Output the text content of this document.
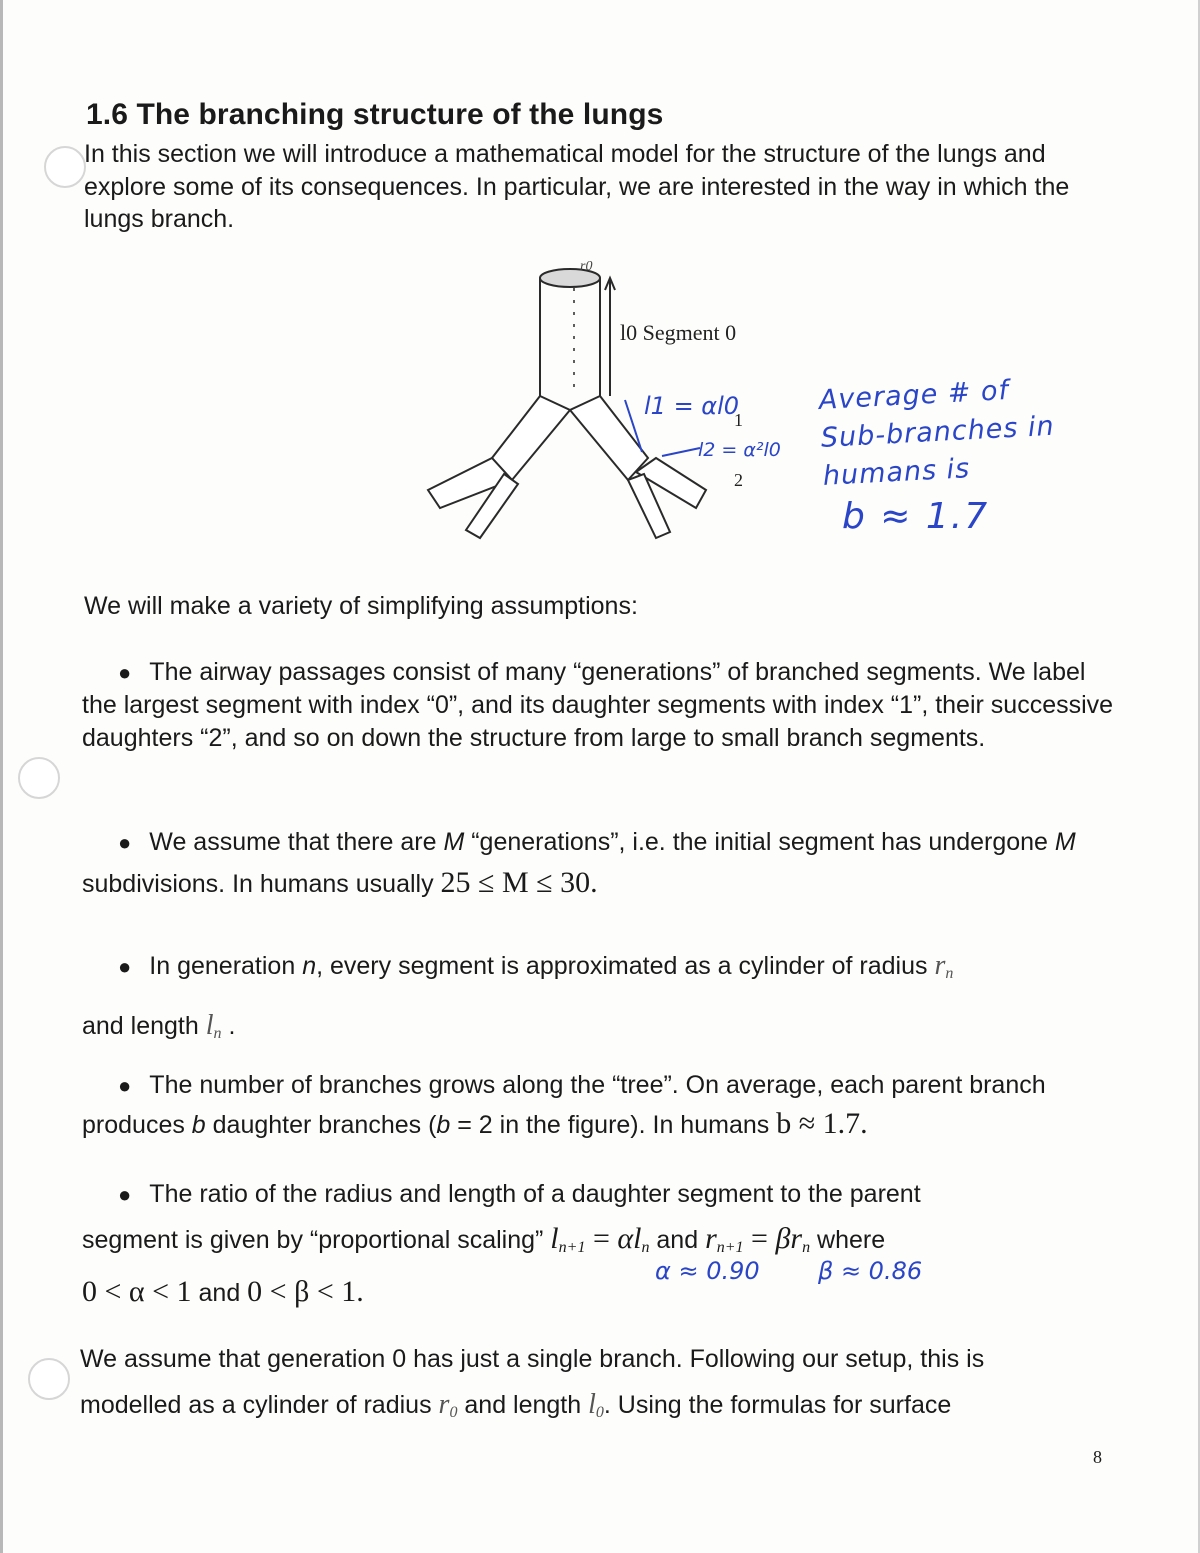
1.6 The branching structure of the lungs

In this section we will introduce a mathematical model for the structure of the lungs and explore some of its consequences. In particular, we are interested in the way in which the lungs branch.

r0
l0 Segment 0
1
2
l1 = αl0
l2 = α²l0
Average # of
Sub-branches in
humans is
b ≈ 1.7

We will make a variety of simplifying assumptions:

● The airway passages consist of many “generations” of branched segments. We label the largest segment with index “0”, and its daughter segments with index “1”, their successive daughters “2”, and so on down the structure from large to small branch segments.

● We assume that there are M “generations”, i.e. the initial segment has undergone M subdivisions. In humans usually 25 ≤ M ≤ 30.

● In generation n, every segment is approximated as a cylinder of radius $r_n$
and length $l_n$ .

● The number of branches grows along the “tree”. On average, each parent branch produces b daughter branches (b = 2 in the figure). In humans b ≈ 1.7.

● The ratio of the radius and length of a daughter segment to the parent
segment is given by “proportional scaling” $l_{n+1} = \alpha l_n$ and $r_{n+1} = \beta r_n$ where
0 < α < 1 and 0 < β < 1.

α ≈ 0.90 β ≈ 0.86

We assume that generation 0 has just a single branch. Following our setup, this is
modelled as a cylinder of radius $r_0$ and length $l_0$. Using the formulas for surface

8
